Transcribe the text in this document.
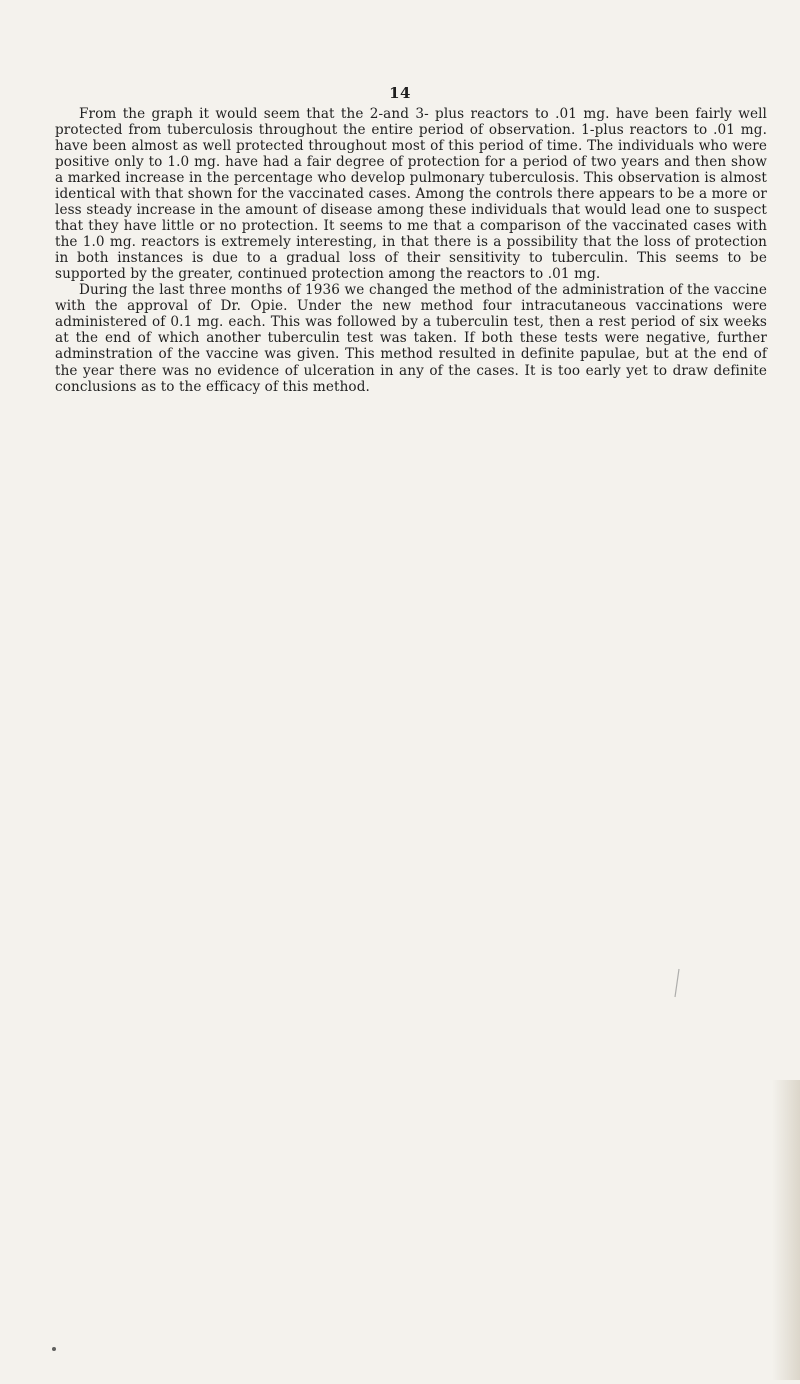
14

From the graph it would seem that the 2-and 3- plus reactors to .01 mg. have been fairly well protected from tuberculosis throughout the entire period of observation. 1-plus reactors to .01 mg. have been almost as well protected throughout most of this period of time. The individuals who were positive only to 1.0 mg. have had a fair degree of protection for a period of two years and then show a marked increase in the percentage who develop pulmonary tuberculosis. This observation is almost identical with that shown for the vaccinated cases. Among the controls there appears to be a more or less steady increase in the amount of disease among these individuals that would lead one to suspect that they have little or no protection. It seems to me that a comparison of the vaccinated cases with the 1.0 mg. reactors is extremely interesting, in that there is a possibility that the loss of protection in both instances is due to a gradual loss of their sensitivity to tuberculin. This seems to be supported by the greater, continued protection among the reactors to .01 mg.

During the last three months of 1936 we changed the method of the administration of the vaccine with the approval of Dr. Opie. Under the new method four intracutaneous vaccinations were administered of 0.1 mg. each. This was followed by a tuberculin test, then a rest period of six weeks at the end of which another tuberculin test was taken. If both these tests were negative, further adminstration of the vaccine was given. This method resulted in definite papulae, but at the end of the year there was no evidence of ulceration in any of the cases. It is too early yet to draw definite conclusions as to the efficacy of this method.
